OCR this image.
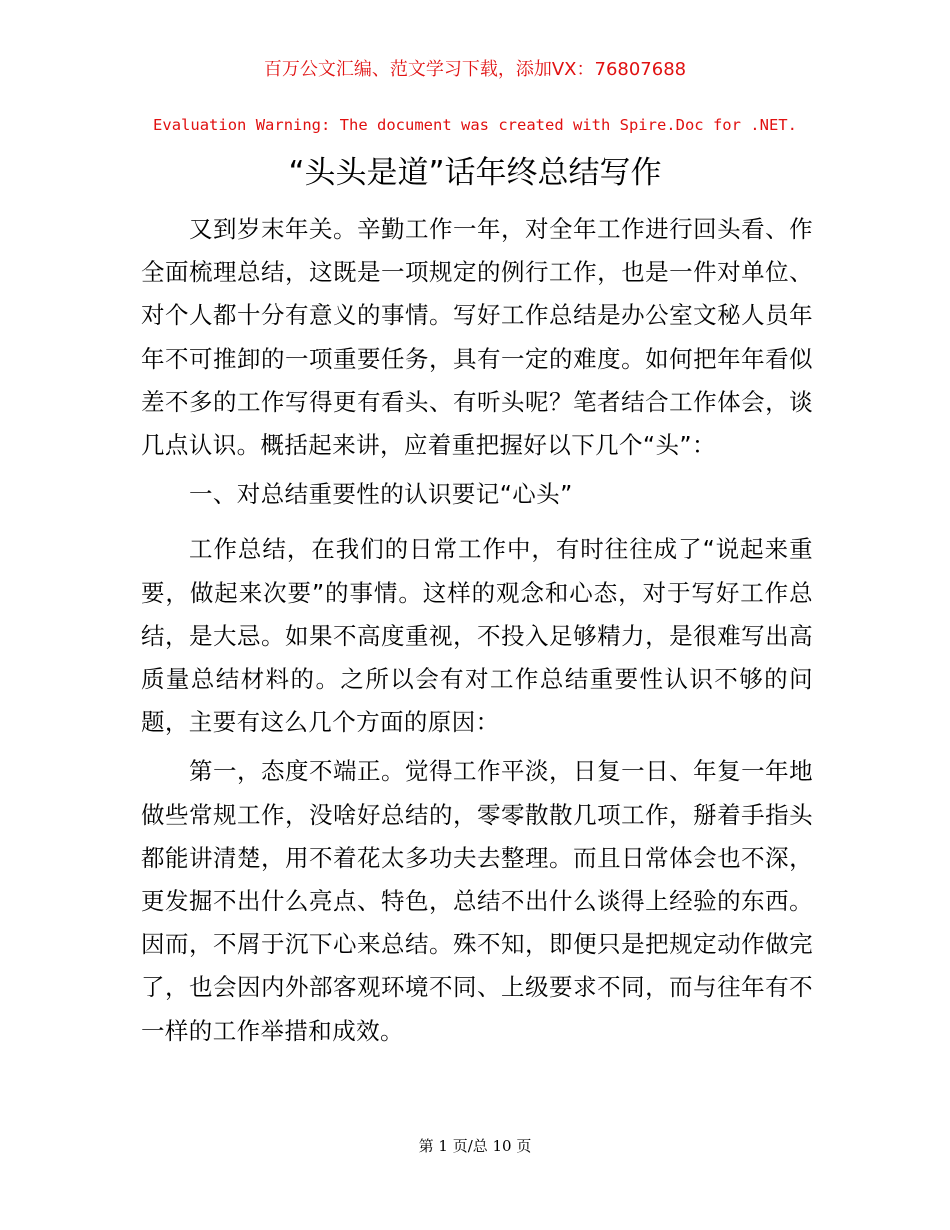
百万公文汇编、范文学习下载，添加VX：76807688
Evaluation Warning: The document was created with Spire.Doc for .NET.
“头头是道”话年终总结写作

又到岁末年关。辛勤工作一年，对全年工作进行回头看、作全面梳理总结，这既是一项规定的例行工作，也是一件对单位、对个人都十分有意义的事情。写好工作总结是办公室文秘人员年年不可推卸的一项重要任务，具有一定的难度。如何把年年看似差不多的工作写得更有看头、有听头呢？笔者结合工作体会，谈几点认识。概括起来讲，应着重把握好以下几个“头”：

一、对总结重要性的认识要记“心头”

工作总结，在我们的日常工作中，有时往往成了“说起来重要，做起来次要”的事情。这样的观念和心态，对于写好工作总结，是大忌。如果不高度重视，不投入足够精力，是很难写出高质量总结材料的。之所以会有对工作总结重要性认识不够的问题，主要有这么几个方面的原因：

第一，态度不端正。觉得工作平淡，日复一日、年复一年地做些常规工作，没啥好总结的，零零散散几项工作，掰着手指头都能讲清楚，用不着花太多功夫去整理。而且日常体会也不深，更发掘不出什么亮点、特色，总结不出什么谈得上经验的东西。因而，不屑于沉下心来总结。殊不知，即便只是把规定动作做完了，也会因内外部客观环境不同、上级要求不同，而与往年有不一样的工作举措和成效。

第 1 页/总 10 页
